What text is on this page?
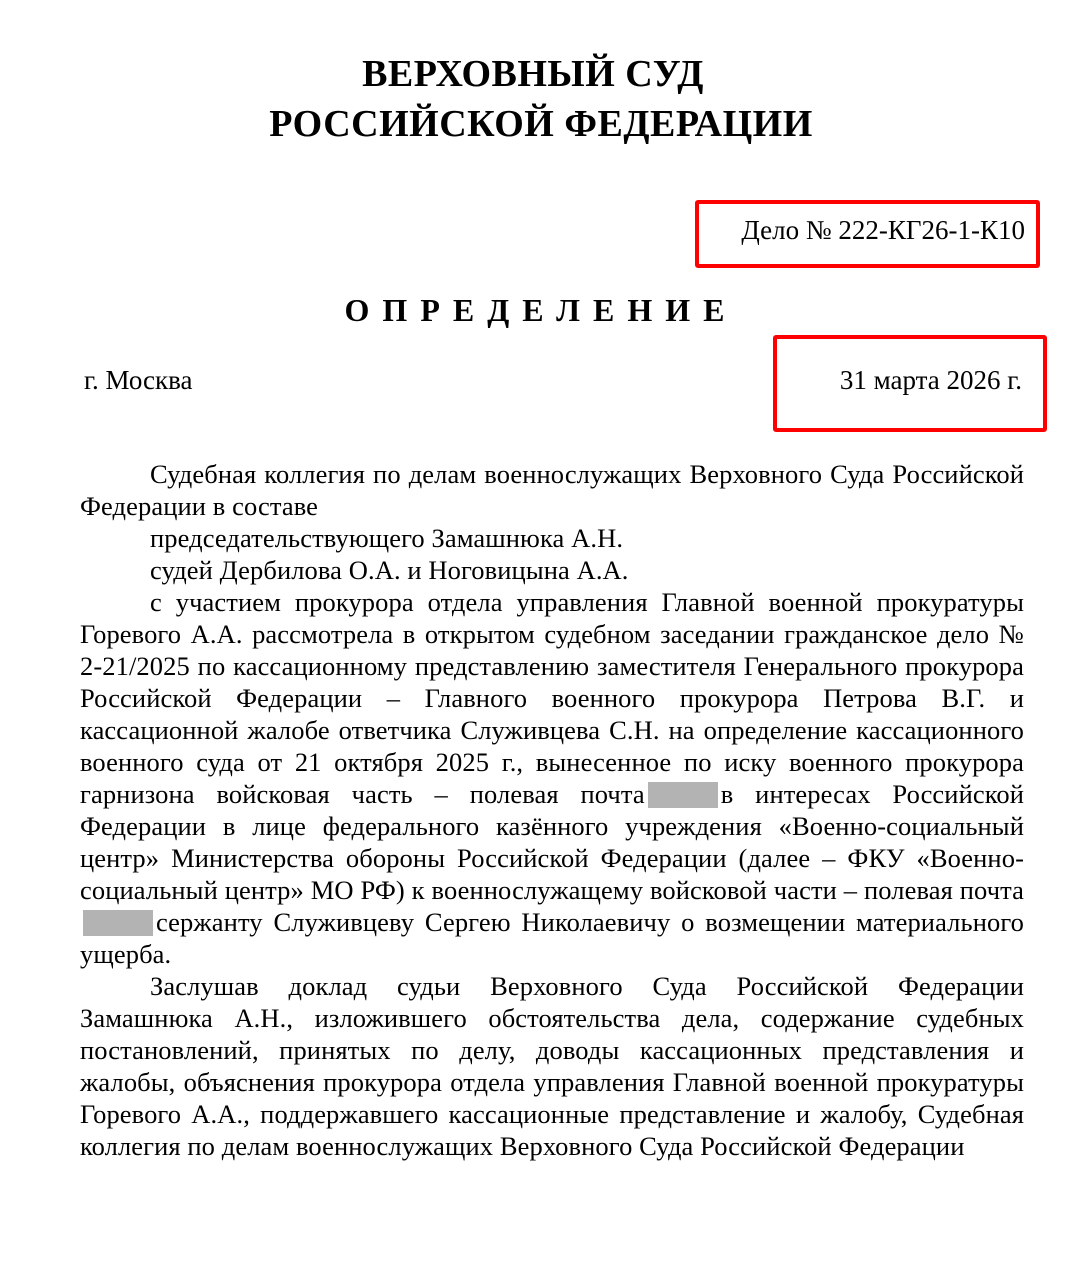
ВЕРХОВНЫЙ СУД
РОССИЙСКОЙ ФЕДЕРАЦИИ
Дело № 222-КГ26-1-К10
ОПРЕДЕЛЕНИЕ
г. Москва	31 марта 2026 г.

Судебная коллегия по делам военнослужащих Верховного Суда Российской Федерации в составе

председательствующего Замашнюка А.Н.

судей Дербилова О.А. и Ноговицына А.А.

с участием прокурора отдела управления Главной военной прокуратуры Горевого А.А. рассмотрела в открытом судебном заседании гражданское дело № 2-21/2025 по кассационному представлению заместителя Генерального прокурора Российской Федерации – Главного военного прокурора Петрова В.Г. и кассационной жалобе ответчика Служивцева С.Н. на определение кассационного военного суда от 21 октября 2025 г., вынесенное по иску военного прокурора гарнизона войсковая часть – полевая почта	в интересах Российской Федерации в лице федерального казённого учреждения «Военно-социальный центр» Министерства обороны Российской Федерации (далее – ФКУ «Военно-социальный центр» МО РФ) к военнослужащему войсковой части – полевая почтасержанту Служивцеву Сергею Николаевичу о возмещении материального ущерба.

Заслушав доклад судьи Верховного Суда Российской Федерации Замашнюка А.Н., изложившего обстоятельства дела, содержание судебных постановлений, принятых по делу, доводы кассационных представления и жалобы, объяснения прокурора отдела управления Главной военной прокуратуры Горевого А.А., поддержавшего кассационные представление и жалобу, Судебная коллегия по делам военнослужащих Верховного Суда Российской Федерации
